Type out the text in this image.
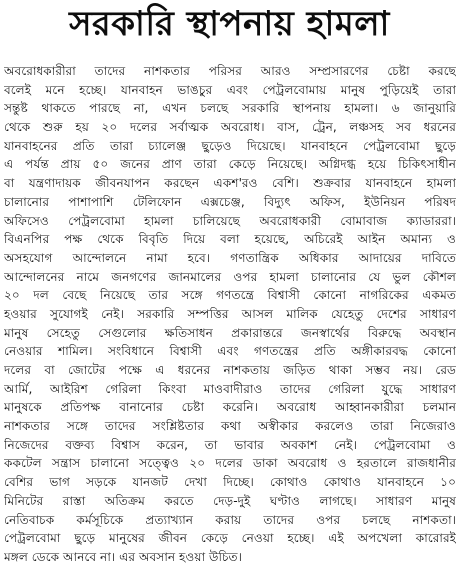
সরকারি স্থাপনায় হামলা
অবরোধকারীরা তাদের নাশকতার পরিসর আরও সম্প্রসারণের চেষ্টা করছে
বলেই মনে হচ্ছে। যানবাহন ভাঙচুর এবং পেট্রলবোমায় মানুষ পুড়িয়েই তারা
সন্তুষ্ট থাকতে পারছে না, এখন চলছে সরকারি স্থাপনায় হামলা। ৬ জানুয়ারি
থেকে শুরু হয় ২০ দলের সর্বাত্মক অবরোধ। বাস, ট্রেন, লঞ্চসহ সব ধরনের
যানবাহনের প্রতি তারা চ্যালেঞ্জ ছুড়েও দিয়েছে। যানবাহনে পেট্রলবোমা ছুড়ে
এ পর্যন্ত প্রায় ৫০ জনের প্রাণ তারা কেড়ে নিয়েছে। অগ্নিদগ্ধ হয়ে চিকিৎসাধীন
বা যন্ত্রণাদায়ক জীবনযাপন করছেন একশ'রও বেশি। শুক্রবার যানবাহনে হামলা
চালানোর পাশাপাশি টেলিফোন এক্সচেঞ্জ, বিদ্যুৎ অফিস, ইউনিয়ন পরিষদ
অফিসেও পেট্রলবোমা হামলা চালিয়েছে অবরোধকারী বোমাবাজ ক্যাডাররা।
বিএনপির পক্ষ থেকে বিবৃতি দিয়ে বলা হয়েছে, অচিরেই আইন অমান্য ও
অসহযোগ আন্দোলনে নামা হবে। গণতান্ত্রিক অধিকার আদায়ের দাবিতে
আন্দোলনের নামে জনগণের জানমালের ওপর হামলা চালানোর যে ভুল কৌশল
২০ দল বেছে নিয়েছে তার সঙ্গে গণতন্ত্রে বিশ্বাসী কোনো নাগরিকের একমত
হওয়ার সুযোগই নেই। সরকারি সম্পত্তির আসল মালিক যেহেতু দেশের সাধারণ
মানুষ সেহেতু সেগুলোর ক্ষতিসাধন প্রকারান্তরে জনস্বার্থের বিরুদ্ধে অবস্থান
নেওয়ার শামিল। সংবিধানে বিশ্বাসী এবং গণতন্ত্রের প্রতি অঙ্গীকারবদ্ধ কোনো
দলের বা জোটের পক্ষে এ ধরনের নাশকতায় জড়িত থাকা সম্ভব নয়। রেড
আর্মি, আইরিশ গেরিলা কিংবা মাওবাদীরাও তাদের গেরিলা যুদ্ধে সাধারণ
মানুষকে প্রতিপক্ষ বানানোর চেষ্টা করেনি। অবরোধ আহ্বানকারীরা চলমান
নাশকতার সঙ্গে তাদের সংশ্লিষ্টতার কথা অস্বীকার করলেও তারা নিজেরাও
নিজেদের বক্তব্য বিশ্বাস করেন, তা ভাবার অবকাশ নেই। পেট্রলবোমা ও
ককটেল সন্ত্রাস চালানো সত্ত্বেও ২০ দলের ডাকা অবরোধ ও হরতালে রাজধানীর
বেশির ভাগ সড়কে যানজট দেখা দিচ্ছে। কোথাও কোথাও যানবাহনে ১০
মিনিটের রাস্তা অতিক্রম করতে দেড়-দুই ঘণ্টাও লাগছে। সাধারণ মানুষ
নেতিবাচক কর্মসূচিকে প্রত্যাখ্যান করায় তাদের ওপর চলছে নাশকতা।
পেট্রলবোমা ছুড়ে মানুষের জীবন কেড়ে নেওয়া হচ্ছে। এই অপখেলা কারোরই
মঙ্গল ডেকে আনবে না। এর অবসান হওয়া উচিত।
